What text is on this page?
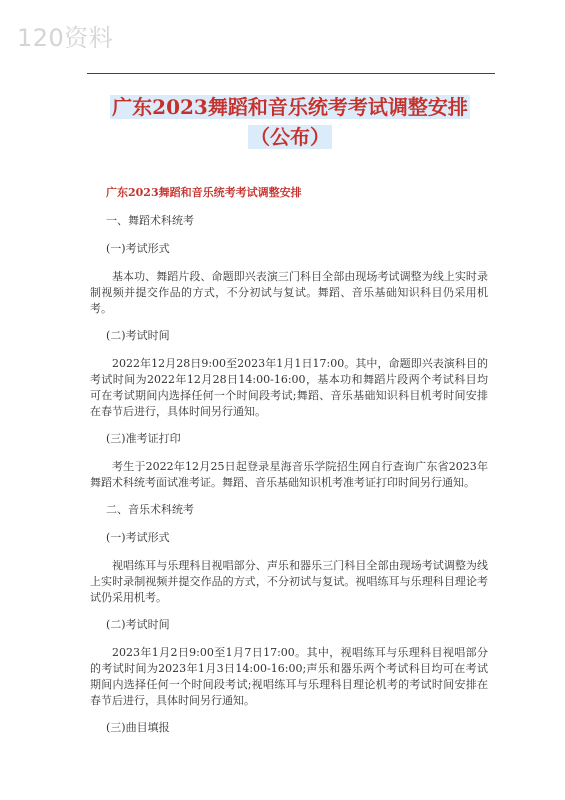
120资料
广东2023舞蹈和音乐统考考试调整安排
（公布）
广东2023舞蹈和音乐统考考试调整安排
一、舞蹈术科统考
(一)考试形式
基本功、舞蹈片段、命题即兴表演三门科目全部由现场考试调整为线上实时录制视频并提交作品的方式，不分初试与复试。舞蹈、音乐基础知识科目仍采用机考。
(二)考试时间
2022年12月28日9:00至2023年1月1日17:00。其中，命题即兴表演科目的考试时间为2022年12月28日14:00-16:00，基本功和舞蹈片段两个考试科目均可在考试期间内选择任何一个时间段考试;舞蹈、音乐基础知识科目机考时间安排在春节后进行，具体时间另行通知。
(三)准考证打印
考生于2022年12月25日起登录星海音乐学院招生网自行查询广东省2023年舞蹈术科统考面试准考证。舞蹈、音乐基础知识机考准考证打印时间另行通知。
二、音乐术科统考
(一)考试形式
视唱练耳与乐理科目视唱部分、声乐和器乐三门科目全部由现场考试调整为线上实时录制视频并提交作品的方式，不分初试与复试。视唱练耳与乐理科目理论考试仍采用机考。
(二)考试时间
2023年1月2日9:00至1月7日17:00。其中，视唱练耳与乐理科目视唱部分的考试时间为2023年1月3日14:00-16:00;声乐和器乐两个考试科目均可在考试期间内选择任何一个时间段考试;视唱练耳与乐理科目理论机考的考试时间安排在春节后进行，具体时间另行通知。
(三)曲目填报
